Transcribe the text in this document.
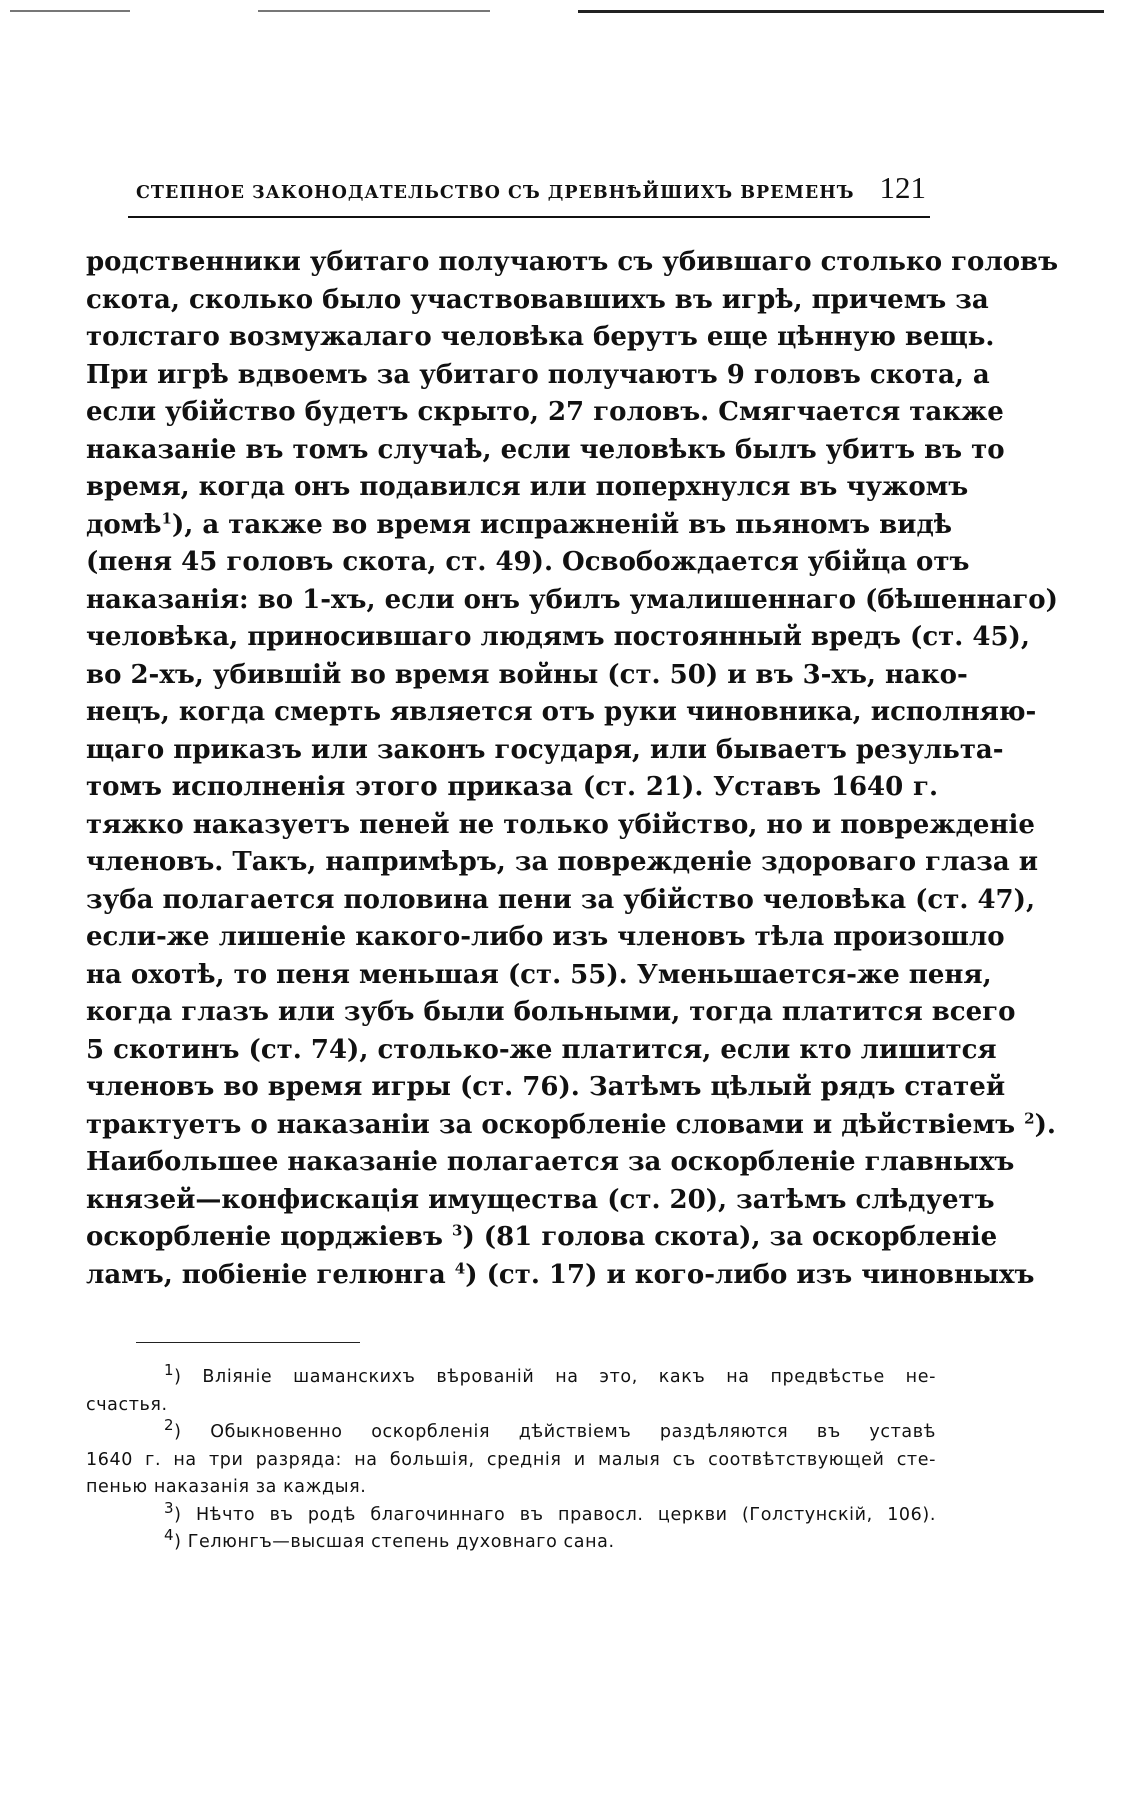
СТЕПНОЕ ЗАКОНОДАТЕЛЬСТВО СЪ ДРЕВНѢЙШИХЪ ВРЕМЕНЪ 121
родственники убитаго получаютъ съ убившаго столько головъ
скота, сколько было участвовавшихъ въ игрѣ, причемъ за
толстаго возмужалаго человѣка берутъ еще цѣнную вещь.
При игрѣ вдвоемъ за убитаго получаютъ 9 головъ скота, а
если убійство будетъ скрыто, 27 головъ. Смягчается также
наказаніе въ томъ случаѣ, если человѣкъ былъ убитъ въ то
время, когда онъ подавился или поперхнулся въ чужомъ
домѣ$^1$), а также во время испражненій въ пьяномъ видѣ
(пеня 45 головъ скота, ст. 49). Освобождается убійца отъ
наказанія: во 1-хъ, если онъ убилъ умалишеннаго (бѣшеннаго)
человѣка, приносившаго людямъ постоянный вредъ (ст. 45),
во 2-хъ, убившій во время войны (ст. 50) и въ 3-хъ, нако-
нецъ, когда смерть является отъ руки чиновника, исполняю-
щаго приказъ или законъ государя, или бываетъ результа-
томъ исполненія этого приказа (ст. 21). Уставъ 1640 г.
тяжко наказуетъ пеней не только убійство, но и поврежденіе
членовъ. Такъ, напримѣръ, за поврежденіе здороваго глаза и
зуба полагается половина пени за убійство человѣка (ст. 47),
если-же лишеніе какого-либо изъ членовъ тѣла произошло
на охотѣ, то пеня меньшая (ст. 55). Уменьшается-же пеня,
когда глазъ или зубъ были больными, тогда платится всего
5 скотинъ (ст. 74), столько-же платится, если кто лишится
членовъ во время игры (ст. 76). Затѣмъ цѣлый рядъ статей
трактуетъ о наказаніи за оскорбленіе словами и дѣйствіемъ $^2$).
Наибольшее наказаніе полагается за оскорбленіе главныхъ
князей—конфискація имущества (ст. 20), затѣмъ слѣдуетъ
оскорбленіе цорджіевъ $^3$) (81 голова скота), за оскорбленіе
ламъ, побіеніе гелюнга $^4$) (ст. 17) и кого-либо изъ чиновныхъ
$^1$) Вліяніе шаманскихъ вѣрованій на это, какъ на предвѣстье не-
счастья.
$^2$) Обыкновенно оскорбленія дѣйствіемъ раздѣляются въ уставѣ
1640 г. на три разряда: на большія, среднія и малыя съ соотвѣтствующей сте-
пенью наказанія за каждыя.
$^3$) Нѣчто въ родѣ благочиннаго въ правосл. церкви (Голстунскій, 106).
$^4$) Гелюнгъ—высшая степень духовнаго сана.
